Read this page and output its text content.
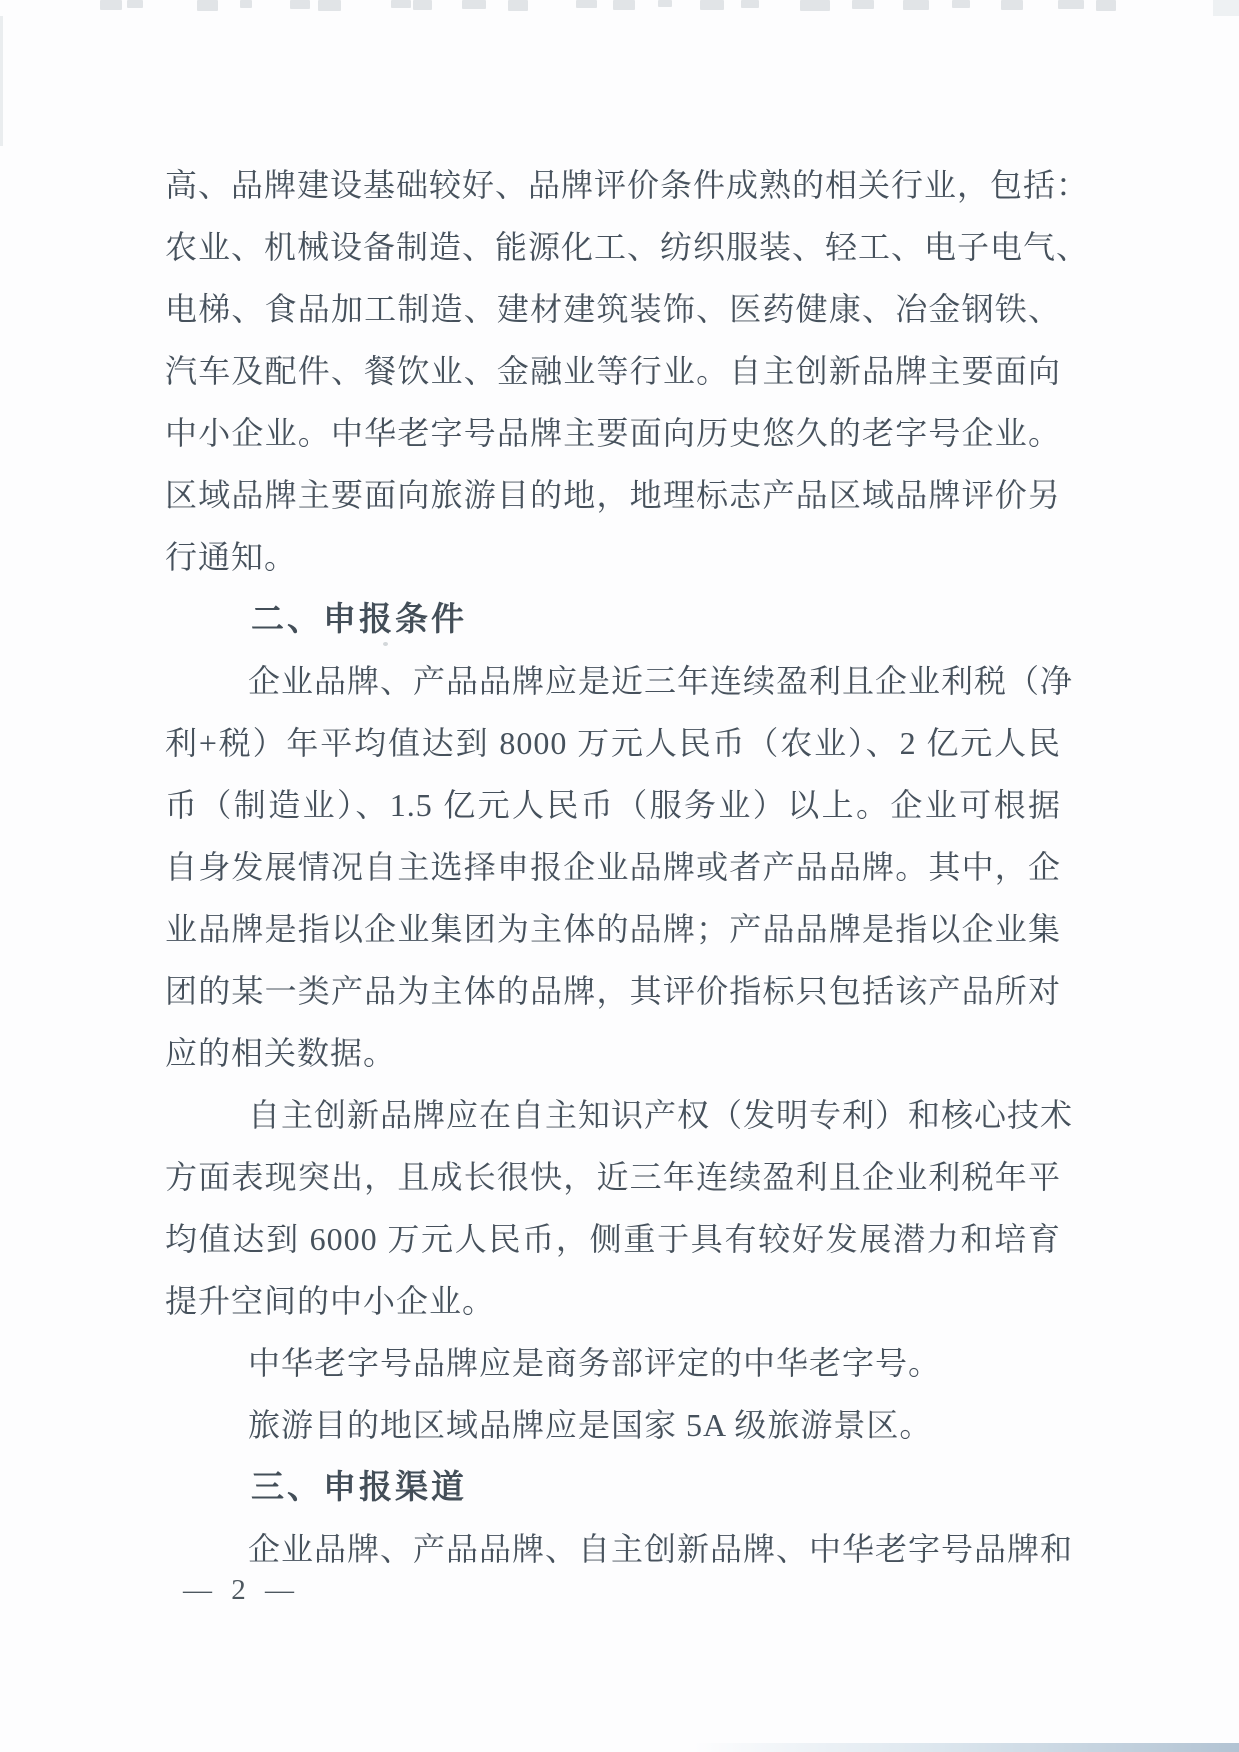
高、品牌建设基础较好、品牌评价条件成熟的相关行业，包括：
农业、机械设备制造、能源化工、纺织服装、轻工、电子电气、
电梯、食品加工制造、建材建筑装饰、医药健康、冶金钢铁、
汽车及配件、餐饮业、金融业等行业。自主创新品牌主要面向
中小企业。中华老字号品牌主要面向历史悠久的老字号企业。
区域品牌主要面向旅游目的地，地理标志产品区域品牌评价另
行通知。
二、申报条件
企业品牌、产品品牌应是近三年连续盈利且企业利税（净
利+税）年平均值达到 8000 万元人民币（农业）、2 亿元人民
币（制造业）、1.5 亿元人民币（服务业）以上。企业可根据
自身发展情况自主选择申报企业品牌或者产品品牌。其中，企
业品牌是指以企业集团为主体的品牌；产品品牌是指以企业集
团的某一类产品为主体的品牌，其评价指标只包括该产品所对
应的相关数据。
自主创新品牌应在自主知识产权（发明专利）和核心技术
方面表现突出，且成长很快，近三年连续盈利且企业利税年平
均值达到 6000 万元人民币，侧重于具有较好发展潜力和培育
提升空间的中小企业。
中华老字号品牌应是商务部评定的中华老字号。
旅游目的地区域品牌应是国家 5A 级旅游景区。
三、申报渠道
企业品牌、产品品牌、自主创新品牌、中华老字号品牌和
— 2 —
